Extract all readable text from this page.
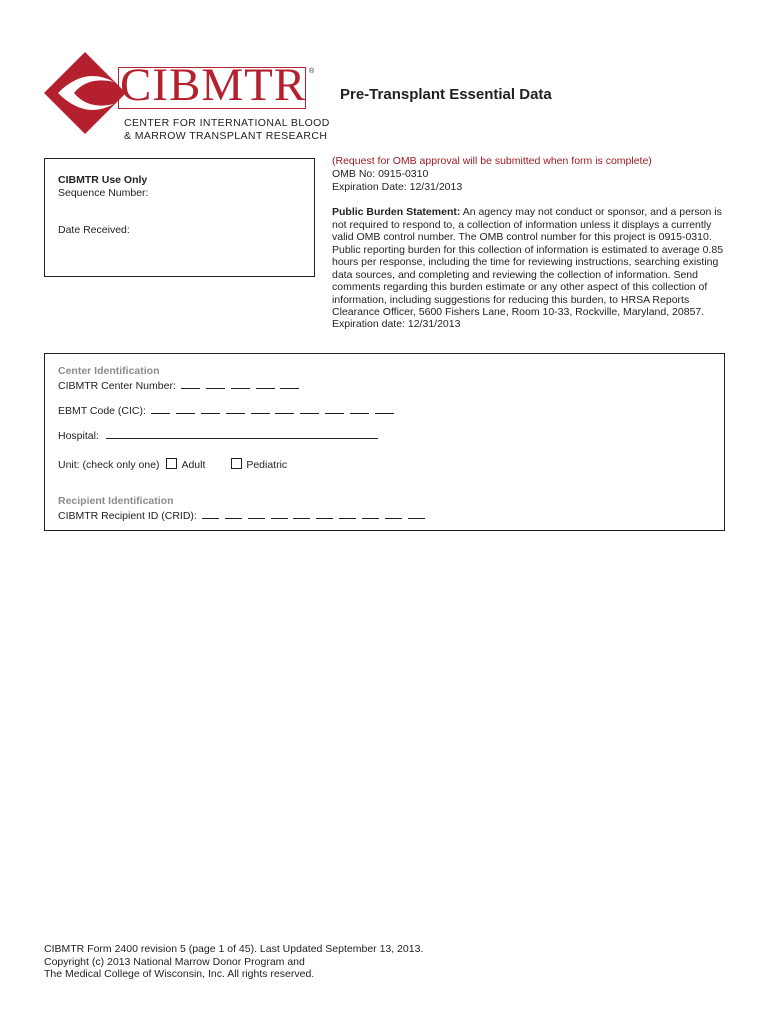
CIBMTR ®
CENTER FOR INTERNATIONAL BLOOD
& MARROW TRANSPLANT RESEARCH
Pre-Transplant Essential Data
CIBMTR Use Only
Sequence Number:
Date Received:
(Request for OMB approval will be submitted when form is complete)
OMB No: 0915-0310
Expiration Date: 12/31/2013
Public Burden Statement: An agency may not conduct or sponsor, and a person is not required to respond to, a collection of information unless it displays a currently valid OMB control number. The OMB control number for this project is 0915-0310. Public reporting burden for this collection of information is estimated to average 0.85 hours per response, including the time for reviewing instructions, searching existing data sources, and completing and reviewing the collection of information. Send comments regarding this burden estimate or any other aspect of this collection of information, including suggestions for reducing this burden, to HRSA Reports Clearance Officer, 5600 Fishers Lane, Room 10-33, Rockville, Maryland, 20857.
Expiration date: 12/31/2013
Center Identification
CIBMTR Center Number:
EBMT Code (CIC):
Hospital:
Unit: (check only one) Adult	Pediatric
Recipient Identification
CIBMTR Recipient ID (CRID):
CIBMTR Form 2400 revision 5 (page 1 of 45). Last Updated September 13, 2013.
Copyright (c) 2013 National Marrow Donor Program and
The Medical College of Wisconsin, Inc. All rights reserved.
